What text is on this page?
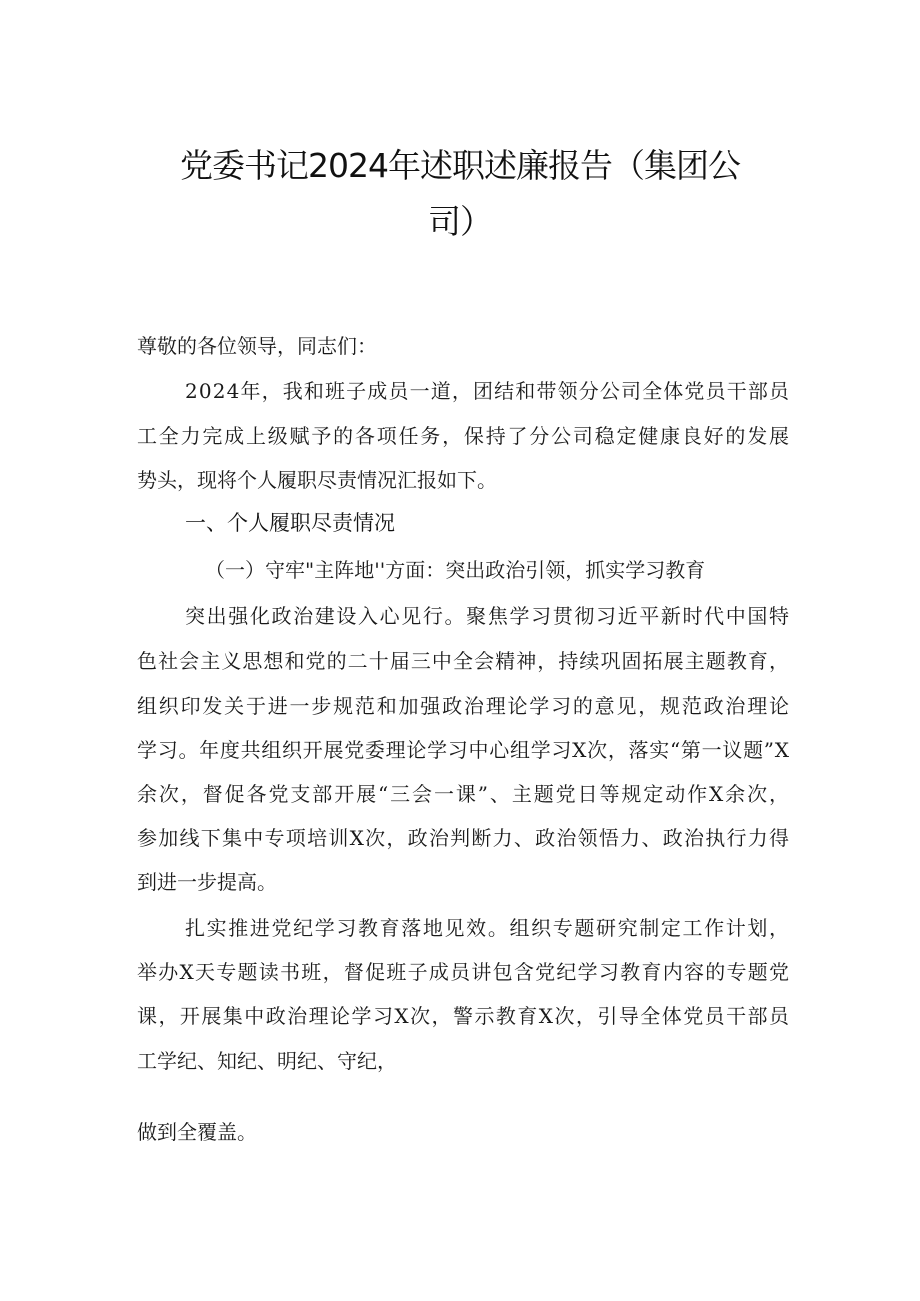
党委书记2024年述职述廉报告（集团公
司）
尊敬的各位领导，同志们：
2024年，我和班子成员一道，团结和带领分公司全体党员干部员
工全力完成上级赋予的各项任务，保持了分公司稳定健康良好的发展
势头，现将个人履职尽责情况汇报如下。
一、个人履职尽责情况
（一）守牢"主阵地''方面：突出政治引领，抓实学习教育
突出强化政治建设入心见行。聚焦学习贯彻习近平新时代中国特
色社会主义思想和党的二十届三中全会精神，持续巩固拓展主题教育，
组织印发关于进一步规范和加强政治理论学习的意见，规范政治理论
学习。年度共组织开展党委理论学习中心组学习X次，落实“第一议题”X
余次，督促各党支部开展“三会一课”、主题党日等规定动作X余次，
参加线下集中专项培训X次，政治判断力、政治领悟力、政治执行力得
到进一步提高。
扎实推进党纪学习教育落地见效。组织专题研究制定工作计划，
举办X天专题读书班，督促班子成员讲包含党纪学习教育内容的专题党
课，开展集中政治理论学习X次，警示教育X次，引导全体党员干部员
工学纪、知纪、明纪、守纪，
做到全覆盖。
